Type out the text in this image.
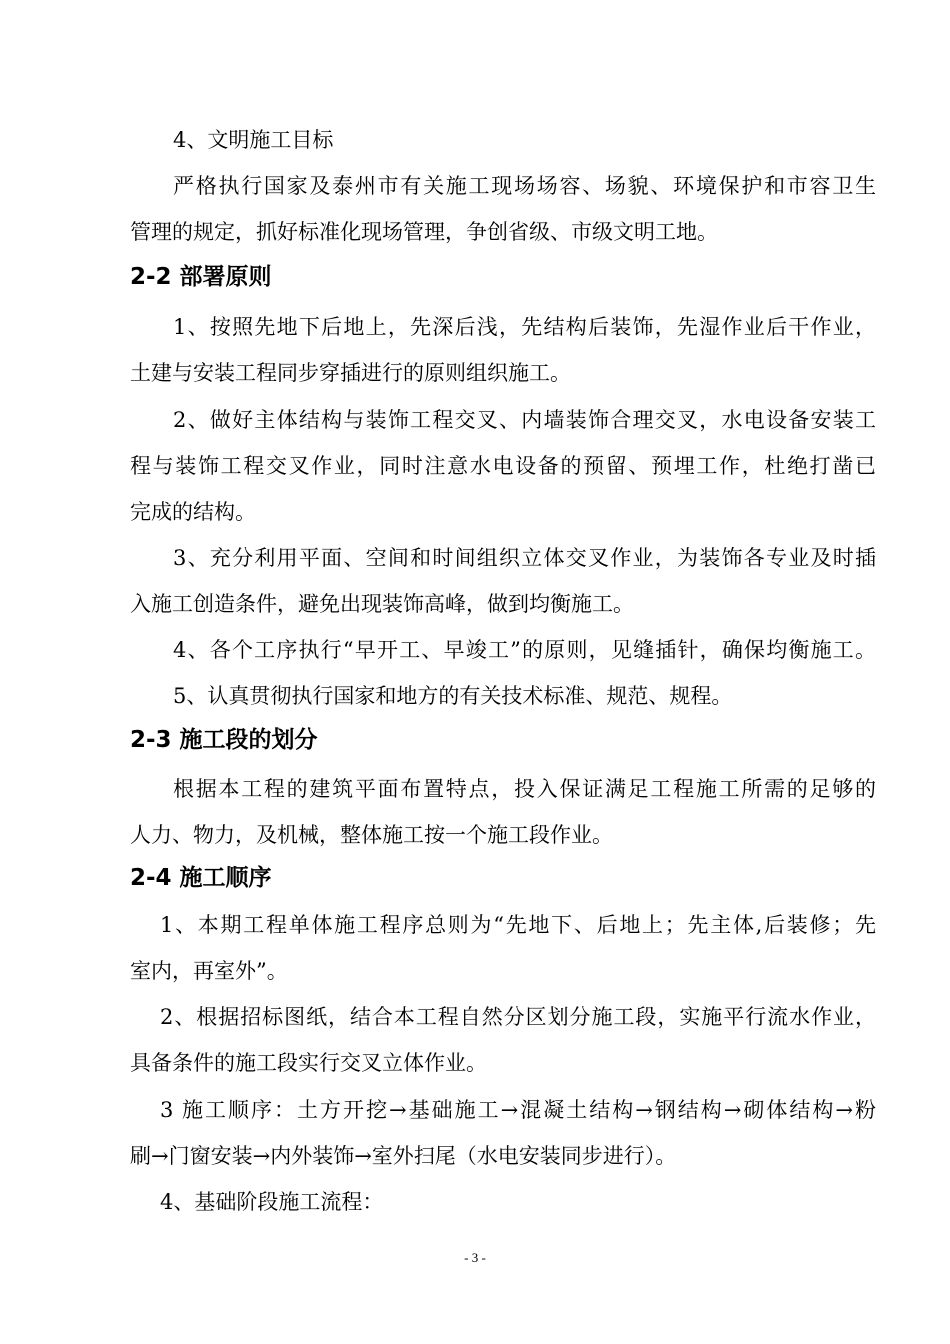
4、文明施工目标
严格执行国家及泰州市有关施工现场场容、场貌、环境保护和市容卫生
管理的规定，抓好标准化现场管理，争创省级、市级文明工地。
2-2 部署原则
1、按照先地下后地上，先深后浅，先结构后装饰，先湿作业后干作业，
土建与安装工程同步穿插进行的原则组织施工。
2、做好主体结构与装饰工程交叉、内墙装饰合理交叉，水电设备安装工
程与装饰工程交叉作业，同时注意水电设备的预留、预埋工作，杜绝打凿已
完成的结构。
3、充分利用平面、空间和时间组织立体交叉作业，为装饰各专业及时插
入施工创造条件，避免出现装饰高峰，做到均衡施工。
4、各个工序执行“早开工、早竣工”的原则，见缝插针，确保均衡施工。
5、认真贯彻执行国家和地方的有关技术标准、规范、规程。
2-3 施工段的划分
根据本工程的建筑平面布置特点，投入保证满足工程施工所需的足够的
人力、物力，及机械，整体施工按一个施工段作业。
2-4 施工顺序
1、本期工程单体施工程序总则为“先地下、后地上；先主体,后装修；先
室内，再室外”。
2、根据招标图纸，结合本工程自然分区划分施工段，实施平行流水作业，
具备条件的施工段实行交叉立体作业。
3 施工顺序：土方开挖→基础施工→混凝土结构→钢结构→砌体结构→粉
刷→门窗安装→内外装饰→室外扫尾（水电安装同步进行）。
4、基础阶段施工流程：
- 3 -
